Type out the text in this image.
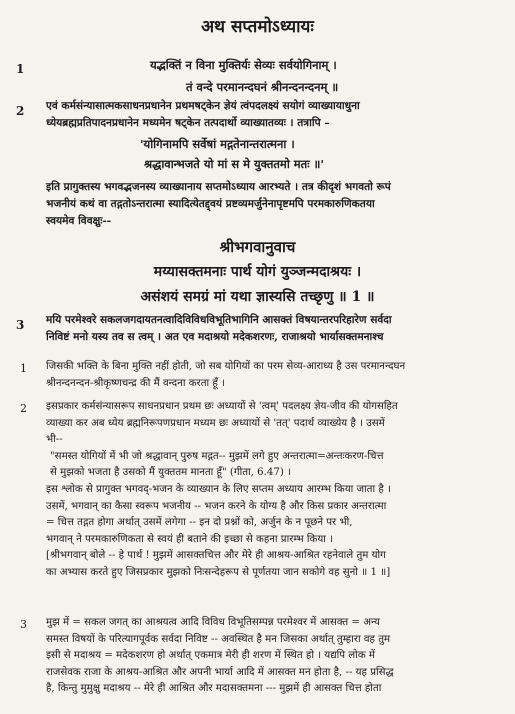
अथ सप्तमोऽध्यायः
1	यद्भक्तिं न विना मुक्तिर्यः सेव्यः सर्वयोगिनाम् ।
तं वन्दे परमानन्दघनं श्रीनन्दनन्दनम् ॥
2 एवं कर्मसंन्यासात्मकसाधनप्रधानेन प्रथमषट्केन ज्ञेयं त्वंपदलक्ष्यं सयोगं व्याख्यायाधुना
ध्येयब्रह्मप्रतिपादनप्रधानेन मध्यमेन षट्केन तत्पदार्थो व्याख्यातव्यः । तत्रापि –
'योगिनामपि सर्वेषां मद्गतेनान्तरात्मना ।
श्रद्धावान्भजते यो मां स मे युक्ततमो मतः ॥'
इति प्रागुक्तस्य भगवद्भजनस्य व्याख्यानाय सप्तमोऽध्याय आरभ्यते । तत्र कीदृशं भगवतो रूपं
भजनीयं कथं वा तद्गतोऽन्तरात्मा स्यादित्येतद्द्वयं प्रष्टव्यमर्जुनेनापृष्टमपि परमकारुणिकतया
स्वयमेव विवक्षुः--
श्रीभगवानुवाच
मय्यासक्तमनाः पार्थ योगं युञ्जन्मदाश्रयः ।
असंशयं समग्रं मां यथा ज्ञास्यसि तच्छृणु ॥ 1 ॥
3 मयि परमेश्वरे सकलजगदायतनत्वादिविविधविभूतिभागिनि आसक्तं विषयान्तरपरिहारेण सर्वदा
निविष्टं मनो यस्य तव स त्वम् । अत एव मदाश्रयो मदेकशरणः, राजाश्रयो भार्यासक्तमनाश्च
1 जिसकी भक्ति के बिना मुक्ति नहीं होती, जो सब योगियों का परम सेव्य-आराध्य है उस परमानन्दघन
श्रीनन्दनन्दन-श्रीकृष्णचन्द्र की मैं वन्दना करता हूँ ।
2 इसप्रकार कर्मसंन्यासरूप साधनप्रधान प्रथम छः अध्यायों से 'त्वम्' पदलक्ष्य ज्ञेय-जीव की योगसहित
व्याख्या कर अब ध्येय ब्रह्मनिरूपणप्रधान मध्यम छः अध्यायों से 'तत्' पदार्थ व्याख्येय है । उसमें
भी--
"समस्त योगियों में भी जो श्रद्धावान् पुरुष मद्गत-- मुझमें लगे हुए अन्तरात्मा=अन्तःकरण-चित्त
से मुझको भजता है उसको मैं युक्ततम मानता हूँ" (गीता, 6.47) ।
इस श्लोक से प्रागुक्त भगवद्-भजन के व्याख्यान के लिए सप्तम अध्याय आरम्भ किया जाता है ।
उसमें, भगवान् का कैसा स्वरूप भजनीय -- भजन करने के योग्य है और किस प्रकार अन्तरात्मा
= चित्त तद्गत होगा अर्थात् उसमें लगेगा -- इन दो प्रश्नों को, अर्जुन के न पूछने पर भी,
भगवान् ने परमकारुणिकता से स्वयं ही बताने की इच्छा से कहना प्रारम्भ किया ।
[श्रीभगवान् बोले -- हे पार्थ ! मुझमें आसक्तचित्त और मेरे ही आश्रय-आश्रित रहनेवाले तुम योग
का अभ्यास करते हुए जिसप्रकार मुझको निःसन्देहरूप से पूर्णतया जान सकोगे वह सुनो ॥ 1 ॥]
3 मुझ में = सकल जगत् का आश्रयत्व आदि विविध विभूतिसम्पन्न परमेश्वर में आसक्त = अन्य
समस्त विषयों के परित्यागपूर्वक सर्वदा निविष्ट -- अवस्थित है मन जिसका अर्थात् तुम्हारा वह तुम
इसी से मदाश्रय = मदेकशरण हो अर्थात् एकमात्र मेरी ही शरण में स्थित हो । यद्यपि लोक में
राजसेवक राजा के आश्रय-आश्रित और अपनी भार्या आदि में आसक्त मन होता है, -- यह प्रसिद्ध
है, किन्तु मुमुक्षु मदाश्रय -- मेरे ही आश्रित और मदासक्तमना --- मुझमें ही आसक्त चित्त होता
